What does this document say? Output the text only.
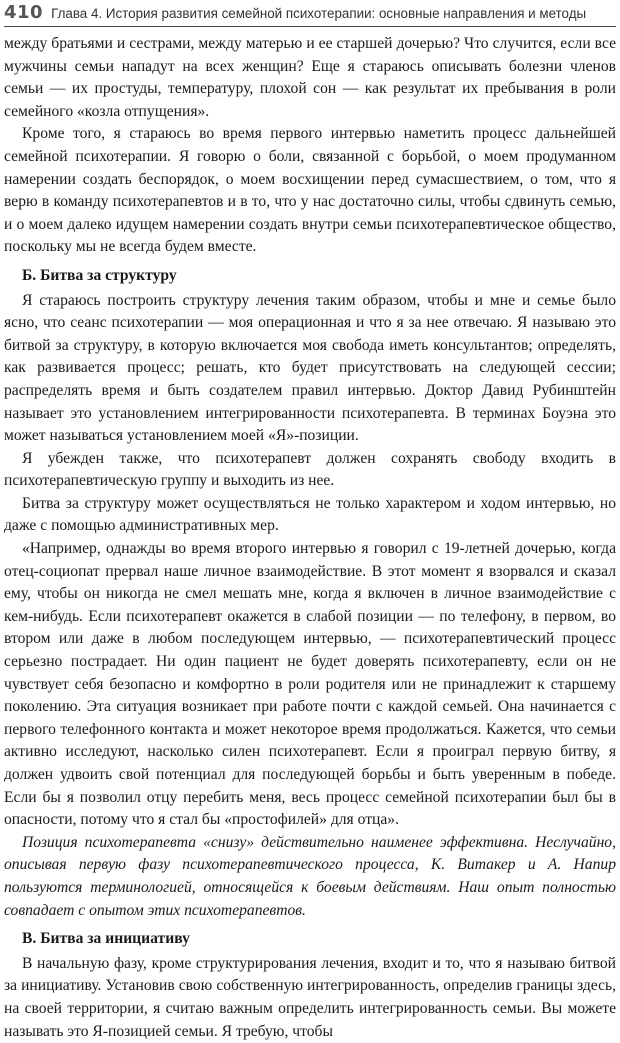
410 Глава 4. История развития семейной психотерапии: основные направления и методы

между братьями и сестрами, между матерью и ее старшей дочерью? Что случится, если все мужчины семьи нападут на всех женщин? Еще я стараюсь описывать болезни членов семьи — их простуды, температуру, плохой сон — как результат их пребывания в роли семейного «козла отпущения».

Кроме того, я стараюсь во время первого интервью наметить процесс дальнейшей семейной психотерапии. Я говорю о боли, связанной с борьбой, о моем продуманном намерении создать беспорядок, о моем восхищении перед сумасшествием, о том, что я верю в команду психотерапевтов и в то, что у нас достаточно силы, чтобы сдвинуть семью, и о моем далеко идущем намерении создать внутри семьи психотерапевтическое общество, поскольку мы не всегда будем вместе.

Б. Битва за структуру

Я стараюсь построить структуру лечения таким образом, чтобы и мне и семье было ясно, что сеанс психотерапии — моя операционная и что я за нее отвечаю. Я называю это битвой за структуру, в которую включается моя свобода иметь консультантов; определять, как развивается процесс; решать, кто будет присутствовать на следующей сессии; распределять время и быть создателем правил интервью. Доктор Давид Рубинштейн называет это установлением интегрированности психотерапевта. В терминах Боуэна это может называться установлением моей «Я»-позиции.

Я убежден также, что психотерапевт должен сохранять свободу входить в психотерапевтическую группу и выходить из нее.

Битва за структуру может осуществляться не только характером и ходом интервью, но даже с помощью административных мер.

«Например, однажды во время второго интервью я говорил с 19-летней дочерью, когда отец-социопат прервал наше личное взаимодействие. В этот момент я взорвался и сказал ему, чтобы он никогда не смел мешать мне, когда я включен в личное взаимодействие с кем-нибудь. Если психотерапевт окажется в слабой позиции — по телефону, в первом, во втором или даже в любом последующем интервью, — психотерапевтический процесс серьезно пострадает. Ни один пациент не будет доверять психотерапевту, если он не чувствует себя безопасно и комфортно в роли родителя или не принадлежит к старшему поколению. Эта ситуация возникает при работе почти с каждой семьей. Она начинается с первого телефонного контакта и может некоторое время продолжаться. Кажется, что семьи активно исследуют, насколько силен психотерапевт. Если я проиграл первую битву, я должен удвоить свой потенциал для последующей борьбы и быть уверенным в победе. Если бы я позволил отцу перебить меня, весь процесс семейной психотерапии был бы в опасности, потому что я стал бы «простофилей» для отца».

Позиция психотерапевта «снизу» действительно наименее эффективна. Неслучайно, описывая первую фазу психотерапевтического процесса, К. Витакер и А. Напир пользуются терминологией, относящейся к боевым действиям. Наш опыт полностью совпадает с опытом этих психотерапевтов.

В. Битва за инициативу

В начальную фазу, кроме структурирования лечения, входит и то, что я называю битвой за инициативу. Установив свою собственную интегрированность, определив границы здесь, на своей территории, я считаю важным определить интегрированность семьи. Вы можете называть это Я-позицией семьи. Я требую, чтобы
